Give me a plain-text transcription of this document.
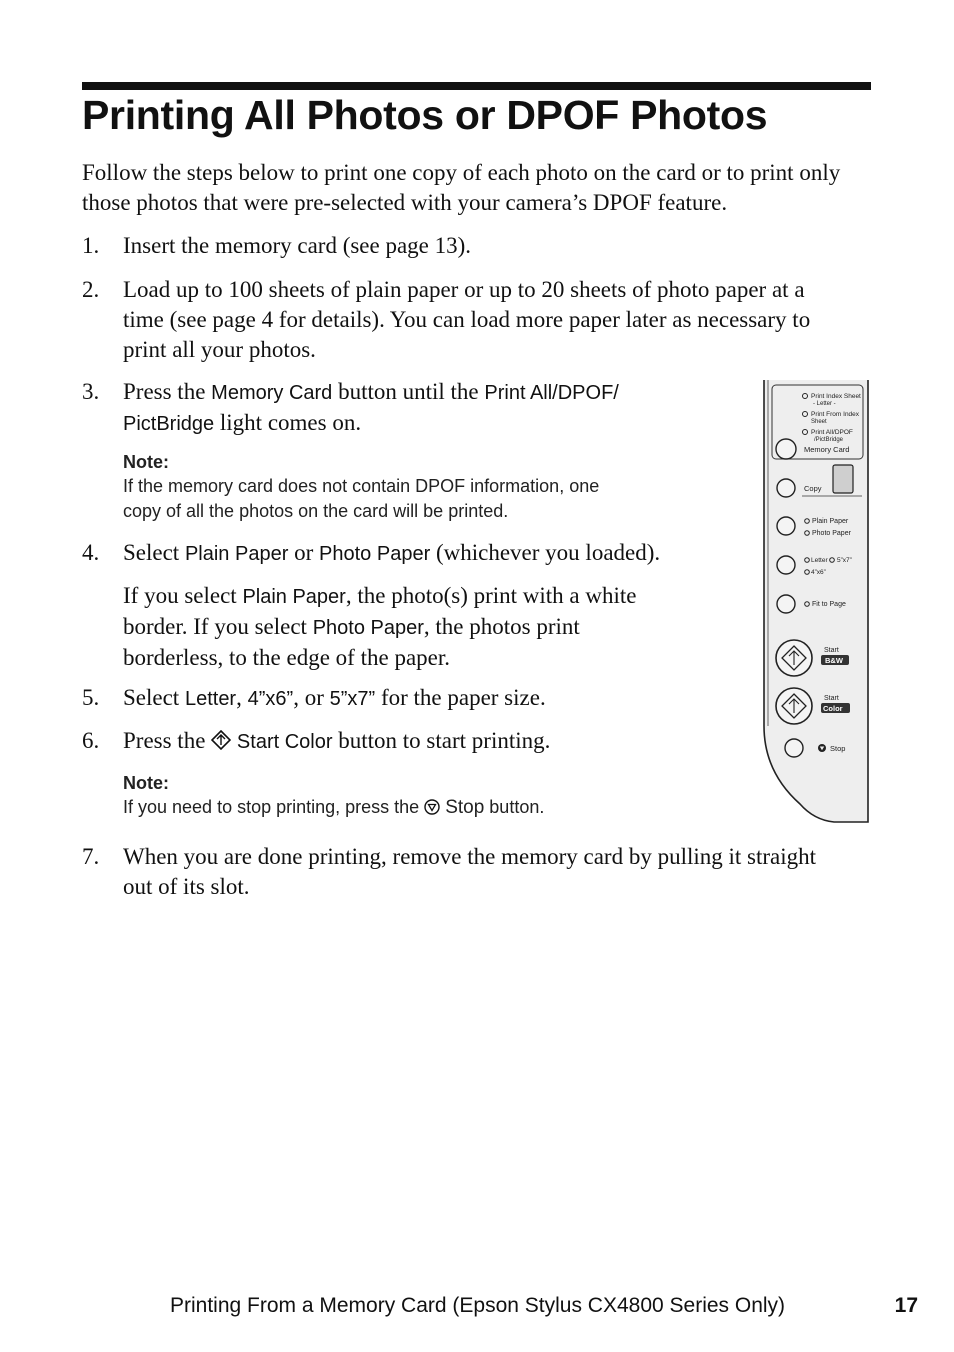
Printing All Photos or DPOF Photos

Follow the steps below to print one copy of each photo on the card or to print only those photos that were pre-selected with your camera’s DPOF feature.

1.	Insert the memory card (see page 13).
2.	Load up to 100 sheets of plain paper or up to 20 sheets of photo paper at a
time (see page 4 for details). You can load more paper later as necessary to
print all your photos.
3.	Press the Memory Card button until the Print All/DPOF/
PictBridge light comes on.
Note:
If the memory card does not contain DPOF information, one
copy of all the photos on the card will be printed.
4.	Select Plain Paper or Photo Paper (whichever you loaded).
If you select Plain Paper, the photo(s) print with a white
border. If you select Photo Paper, the photos print
borderless, to the edge of the paper.
5.	Select Letter, 4”x6”, or 5”x7” for the paper size.
6.	Press the  Start Color button to start printing.
Note:
If you need to stop printing, press the  Stop button.
7.	When you are done printing, remove the memory card by pulling it straight
out of its slot.
Print Index Sheet
- Letter -
Print From Index
Sheet
Print All/DPOF
/PictBridge
Memory Card
Copy
Plain Paper
Photo Paper
Letter 5”x7”
4”x6”
Fit to Page
Start
B&W
Start
Color
Stop
Printing From a Memory Card (Epson Stylus CX4800 Series Only)	17
